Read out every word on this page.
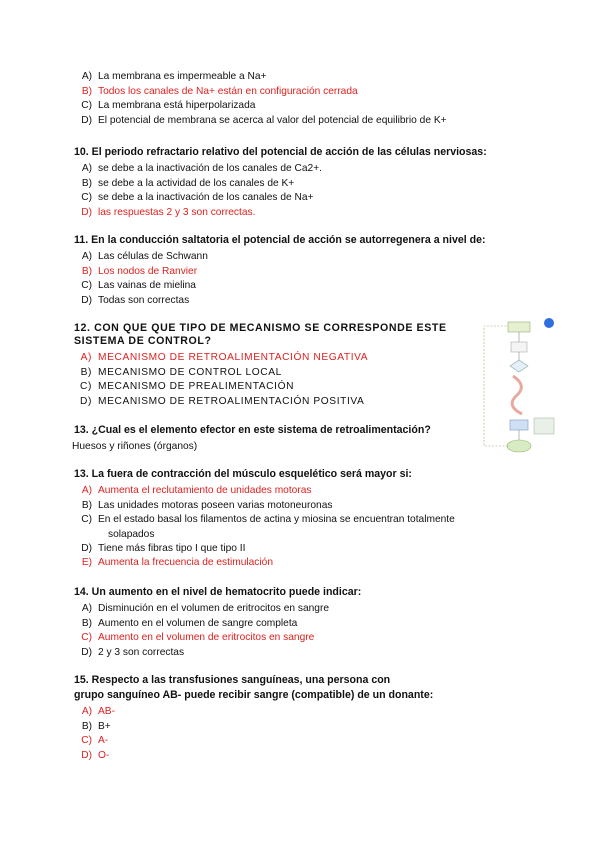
A) La membrana es impermeable a Na+
B) Todos los canales de Na+ están en configuración cerrada
C) La membrana está hiperpolarizada
D) El potencial de membrana se acerca al valor del potencial de equilibrio de K+
10. El periodo refractario relativo del potencial de acción de las células nerviosas:
A) se debe a la inactivación de los canales de Ca2+.
B) se debe a la actividad de los canales de K+
C) se debe a la inactivación de los canales de Na+
D) las respuestas 2 y 3 son correctas.
11. En la conducción saltatoria el potencial de acción se autorregenera a nivel de:
A) Las células de Schwann
B) Los nodos de Ranvier
C) Las vainas de mielina
D) Todas son correctas
12. CON QUE QUE TIPO DE MECANISMO SE CORRESPONDE ESTE
SISTEMA DE CONTROL?
A) MECANISMO DE RETROALIMENTACIÓN NEGATIVA
B) MECANISMO DE CONTROL LOCAL
C) MECANISMO DE PREALIMENTACIÓN
D) MECANISMO DE RETROALIMENTACIÓN POSITIVA
13. ¿Cual es el elemento efector en este sistema de retroalimentación?
Huesos y riñones (órganos)
13. La fuera de contracción del músculo esquelético será mayor si:
A) Aumenta el reclutamiento de unidades motoras
B) Las unidades motoras poseen varias motoneuronas
C) En el estado basal los filamentos de actina y miosina se encuentran totalmente
solapados
D) Tiene más fibras tipo I que tipo II
E) Aumenta la frecuencia de estimulación
14. Un aumento en el nivel de hematocrito puede indicar:
A) Disminución en el volumen de eritrocitos en sangre
B) Aumento en el volumen de sangre completa
C) Aumento en el volumen de eritrocitos en sangre
D) 2 y 3 son correctas
15. Respecto a las transfusiones sanguíneas, una persona con
grupo sanguíneo AB- puede recibir sangre (compatible) de un donante:
A) AB-
B) B+
C) A-
D) O-
